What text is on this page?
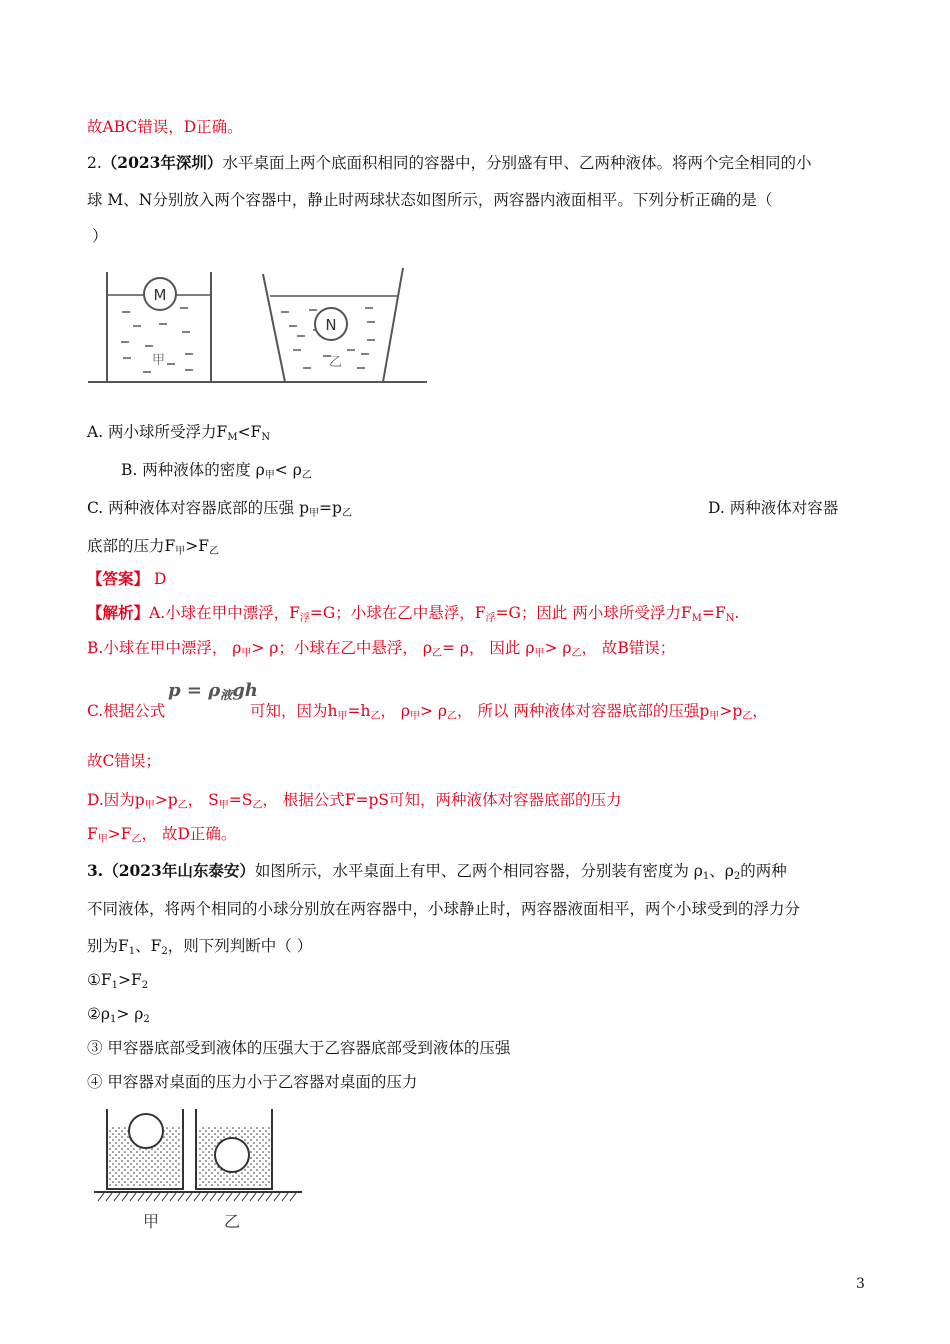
故ABC错误，D正确。
2.（2023年深圳）水平桌面上两个底面积相同的容器中，分别盛有甲、乙两种液体。将两个完全相同的小
球 M、N分别放入两个容器中，静止时两球状态如图所示，两容器内液面相平。下列分析正确的是（
）
M
N
甲	乙
A. 两小球所受浮力$F_M<F_N$
B. 两种液体的密度 $\rho_甲< \rho_乙$
C. 两种液体对容器底部的压强 $p_甲=p_乙$	D. 两种液体对容器
底部的压力$F_甲>F_乙$
【答案】 D
【解析】A.小球在甲中漂浮，$F_浮=G$；小球在乙中悬浮，$F_浮=G$；因此 两小球所受浮力$F_M=F_N$.
B.小球在甲中漂浮， $\rho_甲> \rho$；小球在乙中悬浮， $\rho_乙= \rho$， 因此 $\rho_甲> \rho_乙$， 故B错误；
C.根据公式
$p = \rho_液gh$
可知，因为$h_甲=h_乙$， $\rho_甲> \rho_乙$， 所以 两种液体对容器底部的压强$p_甲>p_乙$，
故C错误；
D.因为$p_甲>p_乙$， $S_甲=S_乙$， 根据公式F=pS可知，两种液体对容器底部的压力
$F_甲>F_乙$， 故D正确。
3.（2023年山东泰安）如图所示，水平桌面上有甲、乙两个相同容器，分别装有密度为 $\rho_1$、$\rho_2$的两种
不同液体，将两个相同的小球分别放在两容器中，小球静止时，两容器液面相平，两个小球受到的浮力分
别为$F_1$、$F_2$，则下列判断中（ ）
$①F_1>F_2$
$②\rho_1> \rho_2$
③ 甲容器底部受到液体的压强大于乙容器底部受到液体的压强
④ 甲容器对桌面的压力小于乙容器对桌面的压力
甲	乙
3
